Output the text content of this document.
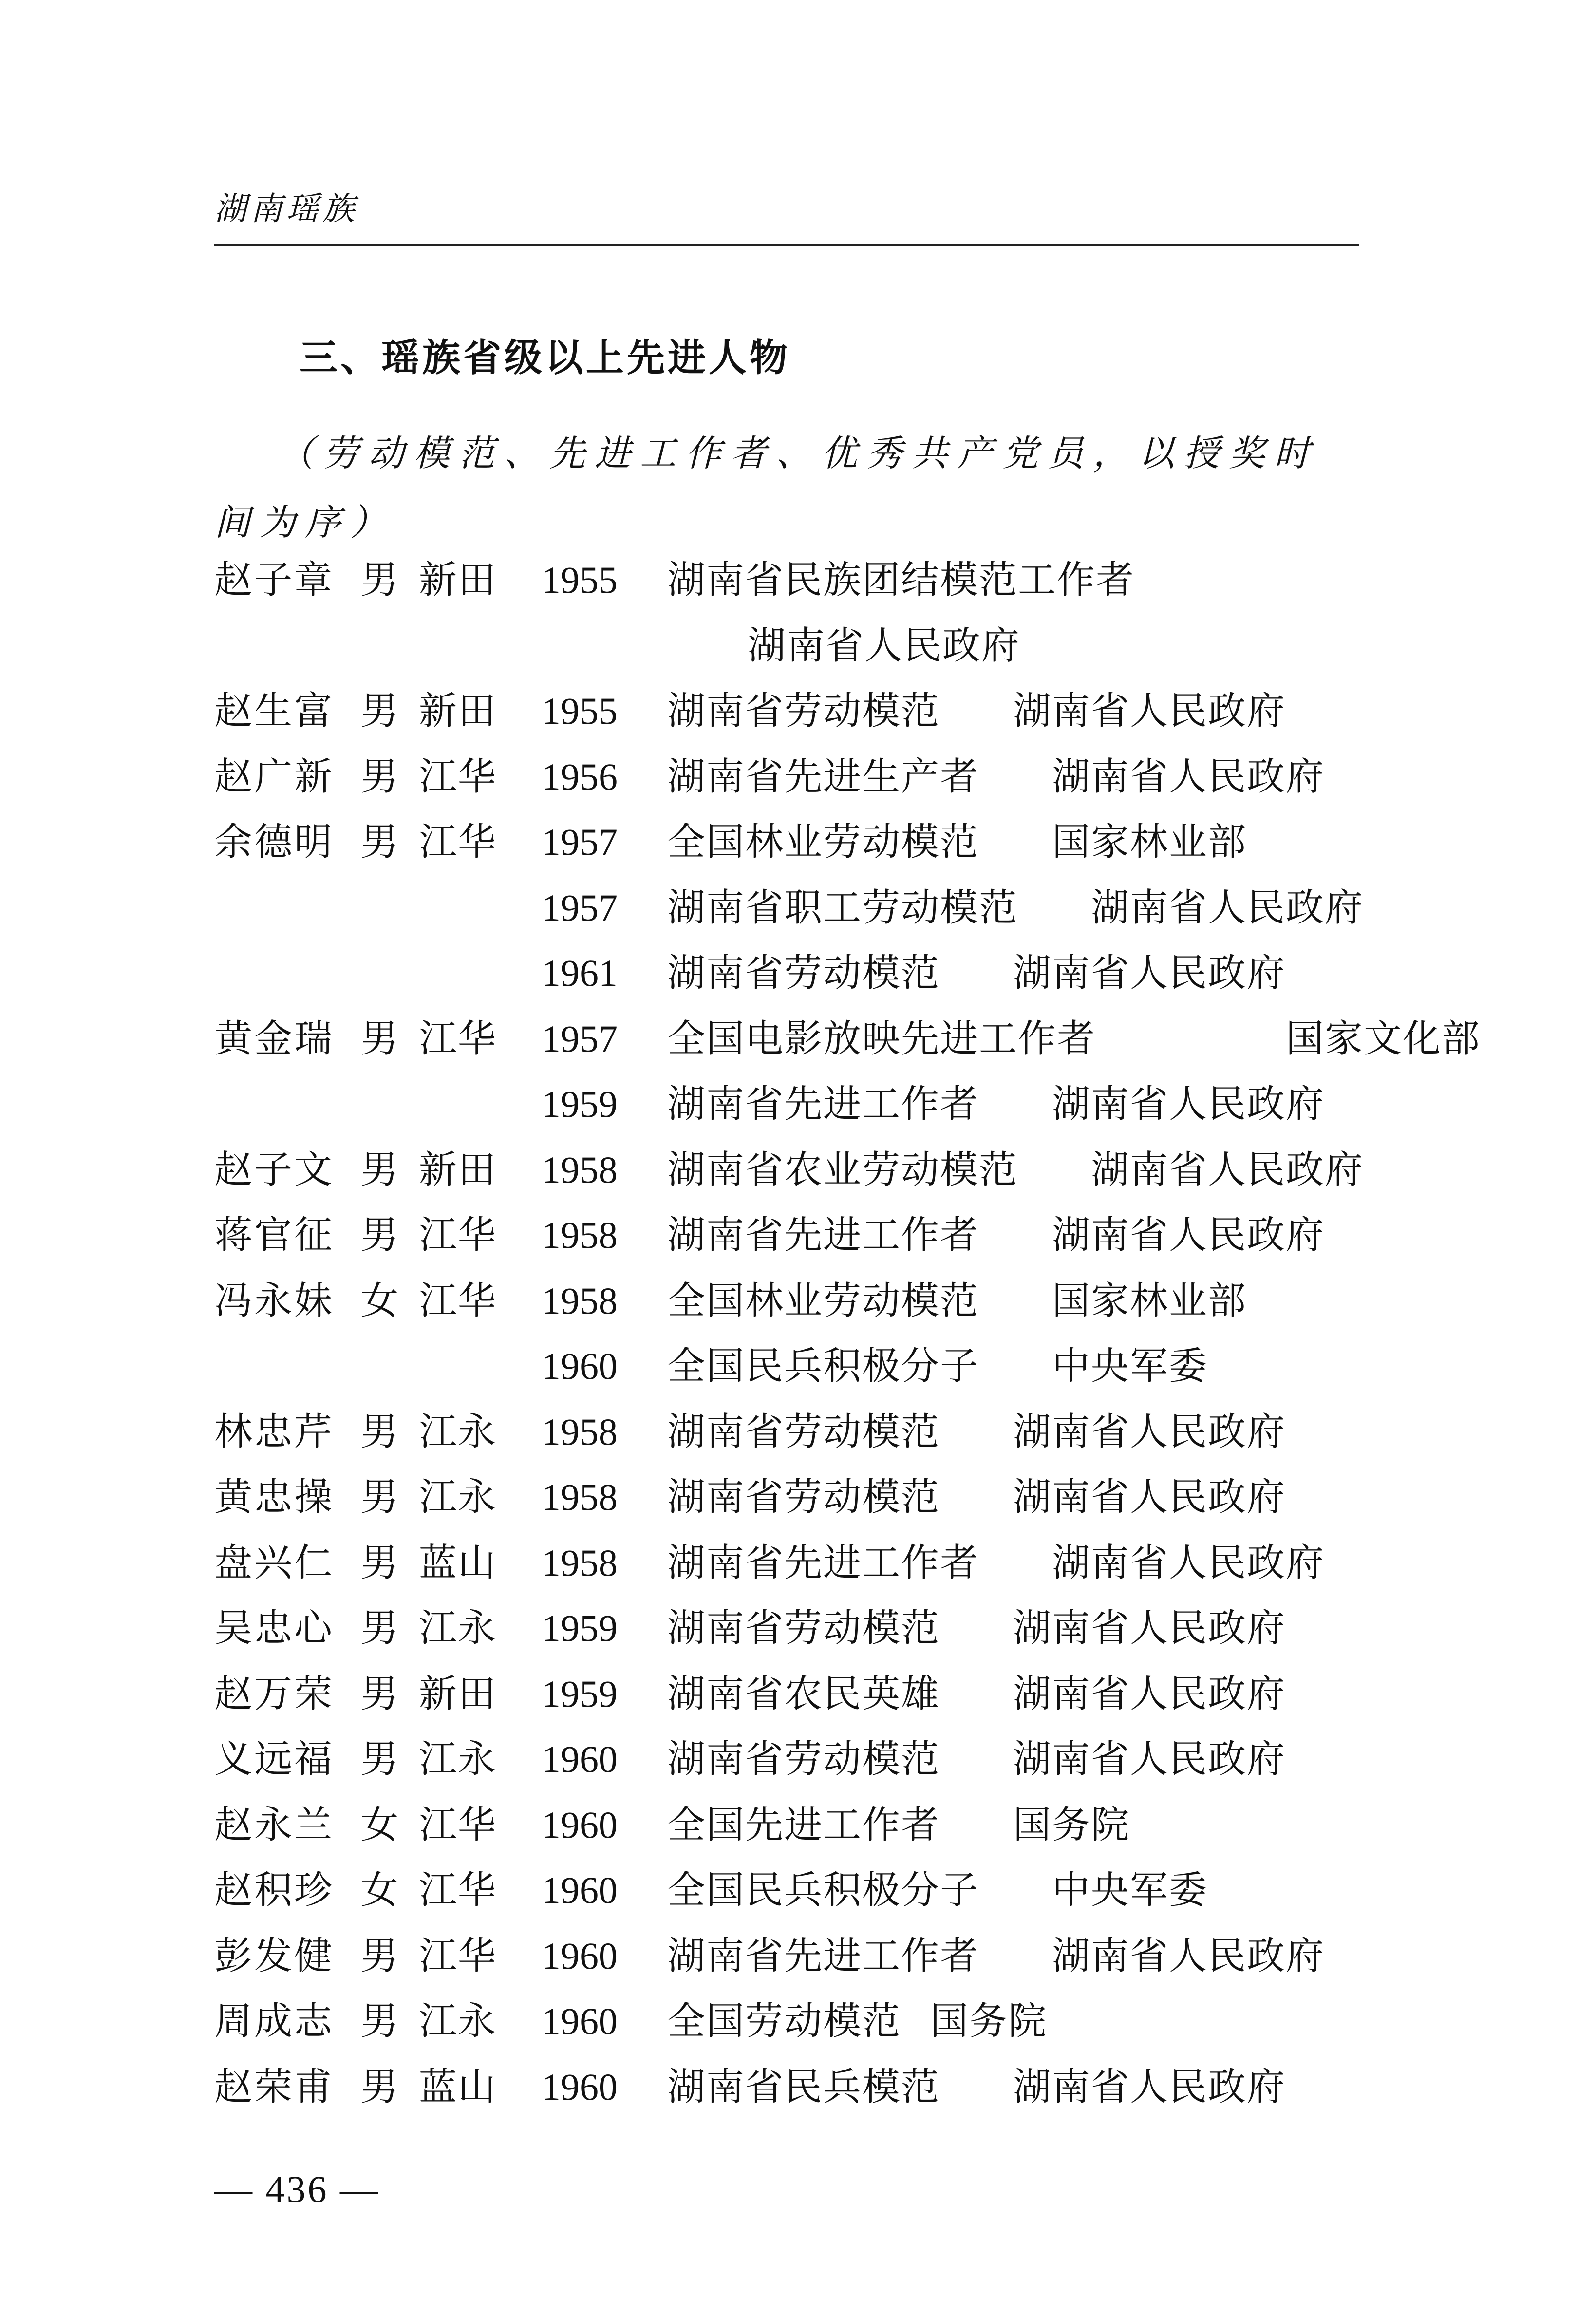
湖南瑶族
三、瑶族省级以上先进人物
（劳动模范、先进工作者、优秀共产党员，以授奖时间为序）
赵子章 男 新田 1955 湖南省民族团结模范工作者
湖南省人民政府
赵生富 男 新田 1955 湖南省劳动模范 湖南省人民政府
赵广新 男 江华 1956 湖南省先进生产者 湖南省人民政府
余德明 男 江华 1957 全国林业劳动模范 国家林业部
1957 湖南省职工劳动模范 湖南省人民政府
1961 湖南省劳动模范 湖南省人民政府
黄金瑞 男 江华 1957 全国电影放映先进工作者	国家文化部
1959 湖南省先进工作者 湖南省人民政府
赵子文 男 新田 1958 湖南省农业劳动模范 湖南省人民政府
蒋官征 男 江华 1958 湖南省先进工作者 湖南省人民政府
冯永妹 女 江华 1958 全国林业劳动模范 国家林业部
1960 全国民兵积极分子 中央军委
林忠芹 男 江永 1958 湖南省劳动模范 湖南省人民政府
黄忠操 男 江永 1958 湖南省劳动模范 湖南省人民政府
盘兴仁 男 蓝山 1958 湖南省先进工作者 湖南省人民政府
吴忠心 男 江永 1959 湖南省劳动模范 湖南省人民政府
赵万荣 男 新田 1959 湖南省农民英雄 湖南省人民政府
义远福 男 江永 1960 湖南省劳动模范 湖南省人民政府
赵永兰 女 江华 1960 全国先进工作者 国务院
赵积珍 女 江华 1960 全国民兵积极分子 中央军委
彭发健 男 江华 1960 湖南省先进工作者 湖南省人民政府
周成志 男 江永 1960 全国劳动模范 国务院
赵荣甫 男 蓝山 1960 湖南省民兵模范 湖南省人民政府
— 436 —
